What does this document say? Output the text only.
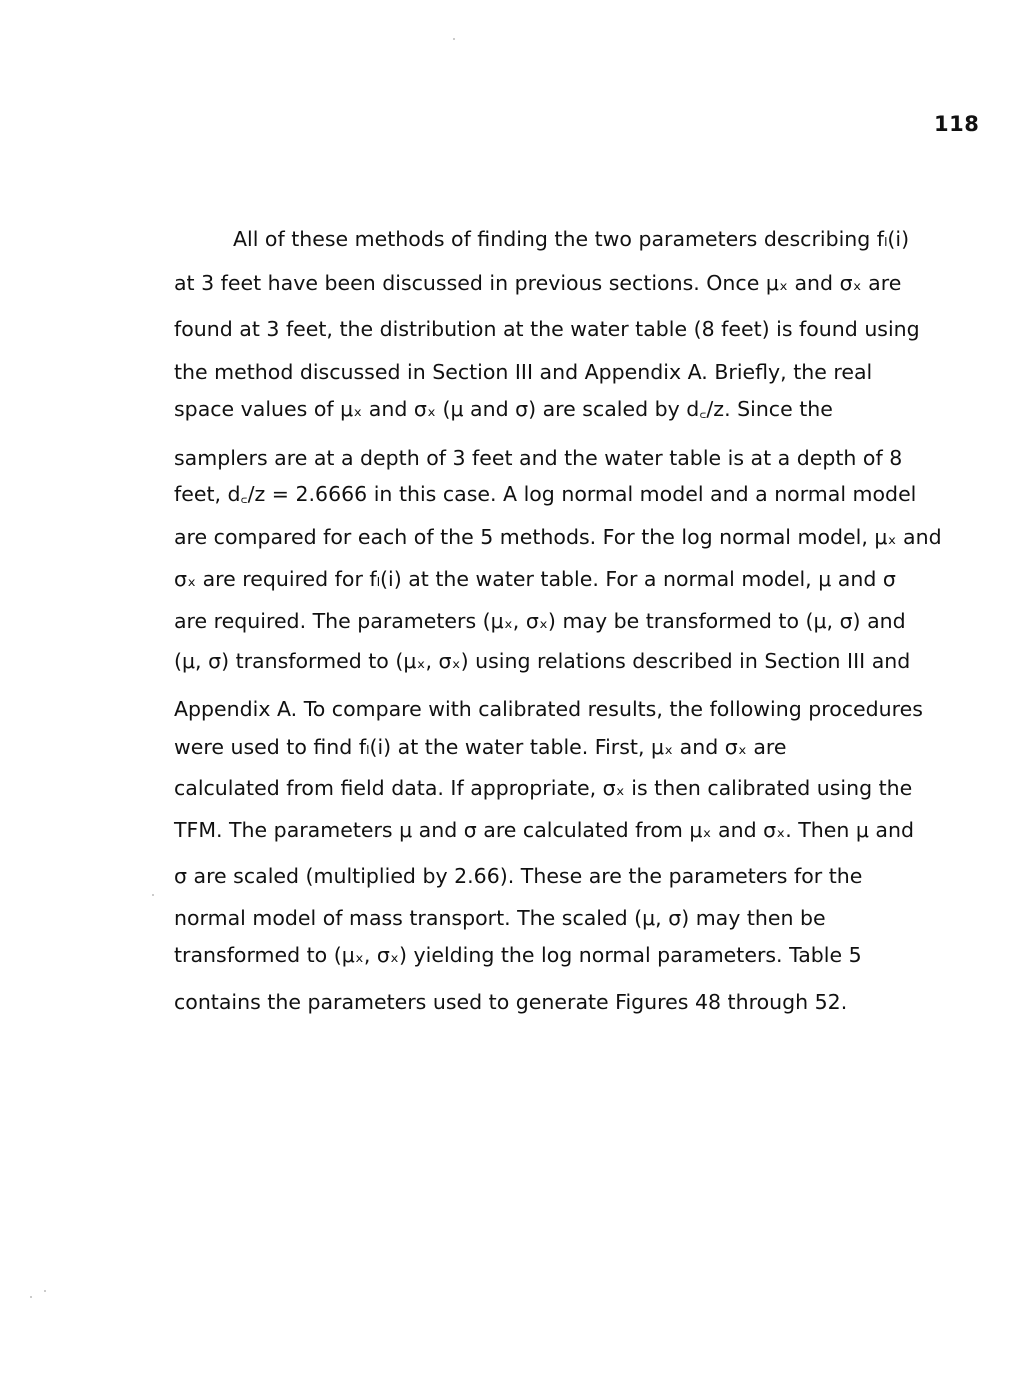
118
All of these methods of finding the two parameters describing fₗ(i)
at 3 feet have been discussed in previous sections. Once μₓ and σₓ are
found at 3 feet, the distribution at the water table (8 feet) is found using
the method discussed in Section III and Appendix A. Briefly, the real
space values of μₓ and σₓ (μ and σ) are scaled by d꜀/z. Since the
samplers are at a depth of 3 feet and the water table is at a depth of 8
feet, d꜀/z = 2.6666 in this case. A log normal model and a normal model
are compared for each of the 5 methods. For the log normal model, μₓ and
σₓ are required for fₗ(i) at the water table. For a normal model, μ and σ
are required. The parameters (μₓ, σₓ) may be transformed to (μ, σ) and
(μ, σ) transformed to (μₓ, σₓ) using relations described in Section III and
Appendix A. To compare with calibrated results, the following procedures
were used to find fₗ(i) at the water table. First, μₓ and σₓ are
calculated from field data. If appropriate, σₓ is then calibrated using the
TFM. The parameters μ and σ are calculated from μₓ and σₓ. Then μ and
σ are scaled (multiplied by 2.66). These are the parameters for the
normal model of mass transport. The scaled (μ, σ) may then be
transformed to (μₓ, σₓ) yielding the log normal parameters. Table 5
contains the parameters used to generate Figures 48 through 52.
